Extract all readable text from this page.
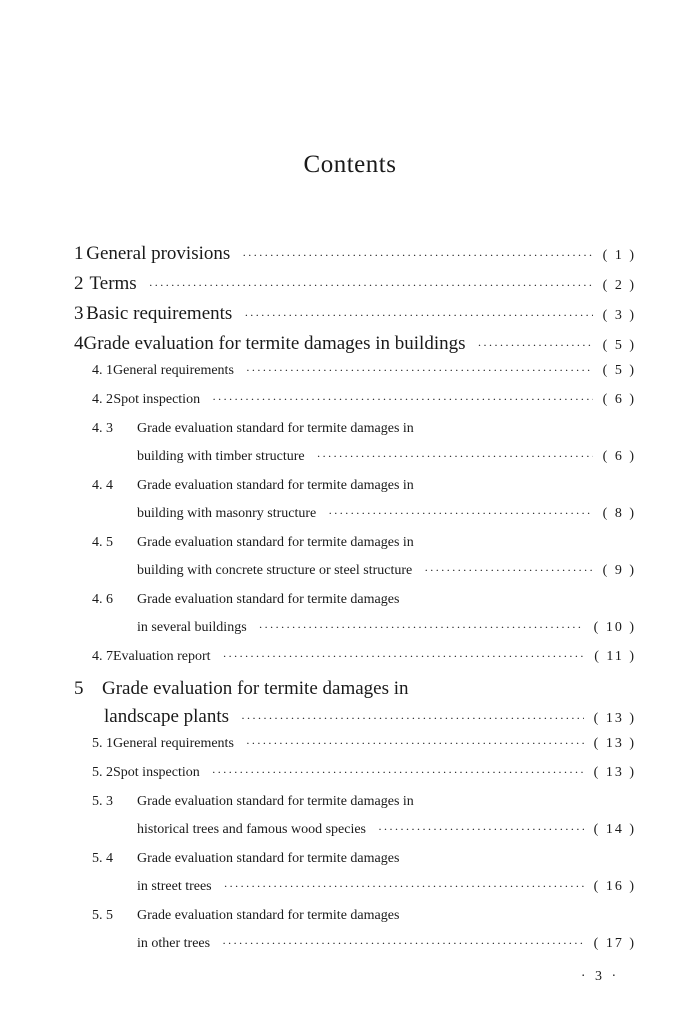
Contents
1 General provisions ·····	( 1 )
2 Terms ·····	( 2 )
3 Basic requirements ·····	( 3 )
4 Grade evaluation for termite damages in buildings ·····	( 5 )
4. 1 General requirements ·····	( 5 )
4. 2 Spot inspection ·····	( 6 )
4. 3	Grade evaluation standard for termite damages in
building with timber structure ·····	( 6 )
4. 4	Grade evaluation standard for termite damages in
building with masonry structure ·····	( 8 )
4. 5	Grade evaluation standard for termite damages in
building with concrete structure or steel structure ·····	( 9 )
4. 6	Grade evaluation standard for termite damages
in several buildings ·····	( 10 )
4. 7 Evaluation report ·····	( 11 )
5 Grade evaluation for termite damages in
landscape plants ·····	( 13 )
5. 1 General requirements ·····	( 13 )
5. 2 Spot inspection ·····	( 13 )
5. 3	Grade evaluation standard for termite damages in
historical trees and famous wood species ·····	( 14 )
5. 4	Grade evaluation standard for termite damages
in street trees ·····	( 16 )
5. 5	Grade evaluation standard for termite damages
in other trees ·····	( 17 )
· 3 ·
